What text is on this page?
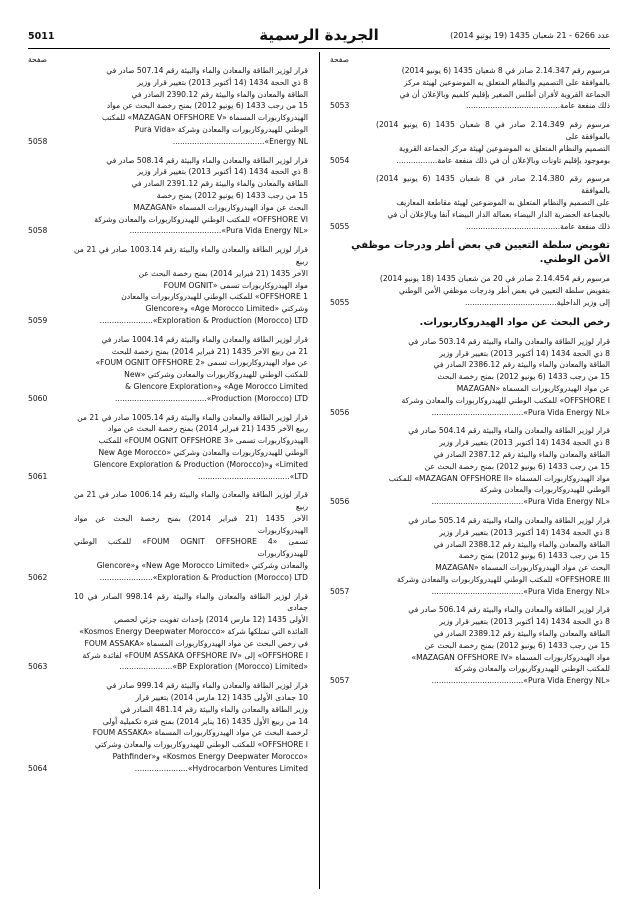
5011	الجريدة الرسمية	عدد 6266 - 21 شعبان 1435 (19 يونيو 2014)
صفحة
صفحة
مرسوم رقم 2.14.347 صادر في 8 شعبان 1435 (6 يونيو 2014)
بالموافقة على التصميم والنظام المتعلق به الموضوعين لهيئة مركز
الجماعة القروية لأفران أطلس الصغير بإقليم كلميم وبالإعلان أن في
ذلك منفعة عامة.......................................
5053
مرسوم رقم 2.14.349 صادر في 8 شعبان 1435 (6 يونيو 2014) بالموافقة على
التصميم والنظام المتعلق به الموضوعين لهيئة مركز الجماعة القروية
بوموجود بإقليم تاونات وبالإعلان أن في ذلك منفعة عامة.................
5054
مرسوم رقم 2.14.380 صادر في 8 شعبان 1435 (6 يونيو 2014) بالموافقة
على التصميم والنظام المتعلق به الموضوعين لهيئة مقاطعة المعاريف
بالجماعة الحضرية الدار البيضاء بعمالة الدار البيضاء آنفا وبالإعلان أن في
ذلك منفعة عامة.......................................
5055
تفويض سلطة التعيين في بعض أطر ودرجات موظفي الأمن الوطني.
مرسوم رقم 2.14.454 صادر في 20 من شعبان 1435 (18 يونيو 2014)
بتفويض سلطة التعيين في بعض أطر ودرجات موظفي الأمن الوطني
إلى وزير الداخلية......................................
5055
رخص البحث عن مواد الهيدروكاربورات.
قرار لوزير الطاقة والمعادن والماء والبيئة رقم 503.14 صادر في
8 ذي الحجة 1434 (14 أكتوبر 2013) بتغيير قرار وزير
الطاقة والمعادن والماء والبيئة رقم 2386.12 الصادر في
15 من رجب 1433 (6 يونيو 2012) بمنح رخصة البحث
عن مواد الهيدروكاربورات المسماة «MAZAGAN
OFFSHORE I» للمكتب الوطني للهيدروكاربورات والمعادن وشركة
«Pura Vida Energy NL»......................................
5056
قرار لوزير الطاقة والمعادن والماء والبيئة رقم 504.14 صادر في
8 ذي الحجة 1434 (14 أكتوبر 2013) بتغيير قرار وزير
الطاقة والمعادن والماء والبيئة رقم 2387.12 الصادر في
15 من رجب 1433 (6 يونيو 2012) بمنح رخصة البحث عن
مواد الهيدروكاربورات المسماة «MAZAGAN OFFSHORE II» للمكتب
الوطني للهيدروكاربورات والمعادن وشركة
«Pura Vida Energy NL»......................................
5056
قرار لوزير الطاقة والمعادن والماء والبيئة رقم 505.14 صادر في
8 ذي الحجة 1434 (14 أكتوبر 2013) بتغيير قرار وزير
الطاقة والمعادن والماء والبيئة رقم 2388.12 الصادر في
15 من رجب 1433 (6 يونيو 2012) بمنح رخصة
البحث عن مواد الهيدروكاربورات المسماة «MAZAGAN
OFFSHORE III» للمكتب الوطني للهيدروكاربورات والمعادن وشركة
«Pura Vida Energy NL»......................................
5057
قرار لوزير الطاقة والمعادن والماء والبيئة رقم 506.14 صادر في
8 ذي الحجة 1434 (14 أكتوبر 2013) بتغيير قرار وزير
الطاقة والمعادن والماء والبيئة رقم 2389.12 الصادر في
15 من رجب 1433 (6 يونيو 2012) بمنح رخصة البحث عن
مواد الهيدروكاربورات المسماة «MAZAGAN OFFSHORE IV»
للمكتب الوطني للهيدروكاربورات والمعادن وشركة
«Pura Vida Energy NL»......................................
5057
قرار لوزير الطاقة والمعادن والماء والبيئة رقم 507.14 صادر في
8 ذي الحجة 1434 (14 أكتوبر 2013) بتغيير قرار وزير
الطاقة والمعادن والماء والبيئة رقم 2390.12 الصادر في
15 من رجب 1433 (6 يونيو 2012) بمنح رخصة البحث عن مواد
الهيدروكاربورات المسماة «MAZAGAN OFFSHORE V» للمكتب
الوطني للهيدروكاربورات والمعادن وشركة «Pura Vida
Energy NL»......................................
5058
قرار لوزير الطاقة والمعادن والماء والبيئة رقم 508.14 صادر في
8 ذي الحجة 1434 (14 أكتوبر 2013) بتغيير قرار وزير
الطاقة والمعادن والماء والبيئة رقم 2391.12 الصادر في
15 من رجب 1433 (6 يونيو 2012) بمنح رخصة
البحث عن مواد الهيدروكاربورات المسماة «MAZAGAN
OFFSHORE VI» للمكتب الوطني للهيدروكاربورات والمعادن وشركة
«Pura Vida Energy NL»......................................
5058
قرار لوزير الطاقة والمعادن والماء والبيئة رقم 1003.14 صادر في 21 من ربيع
الآخر 1435 (21 فبراير 2014) بمنح رخصة البحث عن
مواد الهيدروكاربورات تسمى «FOUM OGNIT
OFFSHORE 1» للمكتب الوطني للهيدروكاربورات والمعادن
وشركتي «Age Morocco Limited» و«Glencore
Exploration & Production (Morocco) LTD»......................
5059
قرار لوزير الطاقة والمعادن والماء والبيئة رقم 1004.14 صادر في
21 من ربيع الآخر 1435 (21 فبراير 2014) بمنح رخصة للبحث
عن مواد الهيدروكاربورات تسمى «FOUM OGNIT OFFSHORE 2»
للمكتب الوطني للهيدروكاربورات والمعادن وشركتي «New
Age Morocco Limited» و«Glencore Exploration &
Production (Morocco) LTD»......................................
5060
قرار لوزير الطاقة والمعادن والماء والبيئة رقم 1005.14 صادر في 21 من
ربيع الآخر 1435 (21 فبراير 2014) بمنح رخصة البحث عن مواد
الهيدروكاربورات تسمى «FOUM OGNIT OFFSHORE 3» للمكتب
الوطني للهيدروكاربورات والمعادن وشركتي «New Age Morocco
Limited» و«Glencore Exploration & Production (Morocco)
LTD»......................................
5061
قرار لوزير الطاقة والمعادن والماء والبيئة رقم 1006.14 صادر في 21 من ربيع
الآخر 1435 (21 فبراير 2014) بمنح رخصة البحث عن مواد الهيدروكاربورات
تسمى «FOUM OGNIT OFFSHORE 4» للمكتب الوطني للهيدروكاربورات
والمعادن وشركتي «New Age Morocco Limited» و«Glencore
Exploration & Production (Morocco) LTD»......................
5062
قرار لوزير الطاقة والمعادن والماء والبيئة رقم 998.14 الصادر في 10 جمادى
الأولى 1435 (12 مارس 2014) بإحداث تفويت جزئي لحصص
الفائدة التي تمتلكها شركة «Kosmos Energy Deepwater Morocco»
في رخص البحث عن مواد الهيدروكاربورات المسماة «FOUM ASSAKA
OFFSHORE I» إلى «FOUM ASSAKA OFFSHORE IV» لفائدة شركة
«BP Exploration (Morocco) Limited»......................
5063
قرار لوزير الطاقة والمعادن والماء والبيئة رقم 999.14 صادر في
10 جمادى الأولى 1435 (12 مارس 2014) بتغيير قرار
وزير الطاقة والمعادن والماء والبيئة رقم 481.14 الصادر في
14 من ربيع الأول 1435 (16 يناير 2014) بمنح فترة تكميلية أولى
لرخصة البحث عن مواد الهيدروكاربورات المسماة «FOUM ASSAKA
OFFSHORE I» للمكتب الوطني للهيدروكاربورات والمعادن وشركتي
«Kosmos Energy Deepwater Morocco» و«Pathfinder
Hydrocarbon Ventures Limited»......................
5064
